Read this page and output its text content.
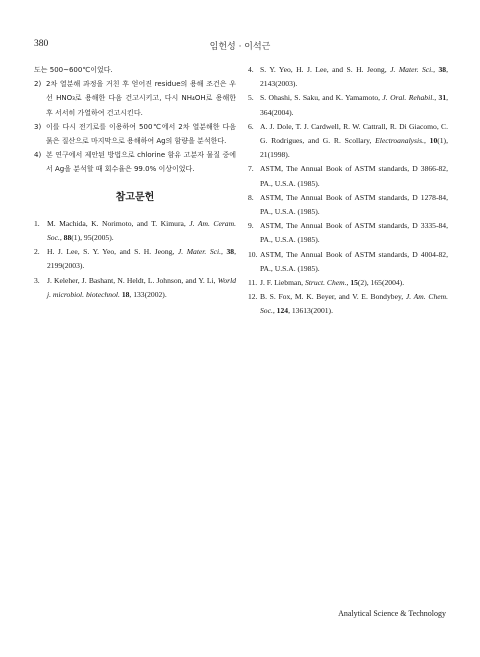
380	임헌성 · 이석근

도는 500~600℃이었다.

2) 2차 열분해 과정을 거친 후 얻어진 residue의 용해 조건은 우선 HNO₃로 용해한 다음 건고시키고, 다시 NH₄OH로 용해한 후 서서히 가열하여 건고시킨다.
3) 이를 다시 전기로를 이용하여 500℃에서 2차 열분해한 다음 묽은 질산으로 마지막으로 용해하여 Ag의 함량을 분석한다.
4) 본 연구에서 제안된 방법으로 chlorine 함유 고분자 물질 중에서 Ag을 분석할 때 회수율은 99.0% 이상이었다.
참고문헌
1. M. Machida, K. Norimoto, and T. Kimura, J. Am. Ceram. Soc., 88(1), 95(2005).
2. H. J. Lee, S. Y. Yeo, and S. H. Jeong, J. Mater. Sci., 38, 2199(2003).
3. J. Keleher, J. Bashant, N. Heldt, L. Johnson, and Y. Li, World j. microbiol. biotechnol. 18, 133(2002).
4. S. Y. Yeo, H. J. Lee, and S. H. Jeong, J. Mater. Sci., 38, 2143(2003).
5. S. Ohashi, S. Saku, and K. Yamamoto, J. Oral. Rehabil., 31, 364(2004).
6. A. J. Dole, T. J. Cardwell, R. W. Cattrall, R. Di Giacomo, C. G. Rodrigues, and G. R. Scollary, Electroanalysis., 10(1), 21(1998).
7. ASTM, The Annual Book of ASTM standards, D 3866-82, PA., U.S.A. (1985).
8. ASTM, The Annual Book of ASTM standards, D 1278-84, PA., U.S.A. (1985).
9. ASTM, The Annual Book of ASTM standards, D 3335-84, PA., U.S.A. (1985).
10. ASTM, The Annual Book of ASTM standards, D 4004-82, PA., U.S.A. (1985).
11. J. F. Liebman, Struct. Chem., 15(2), 165(2004).
12. B. S. Fox, M. K. Beyer, and V. E. Bondybey, J. Am. Chem. Soc., 124, 13613(2001).
Analytical Science & Technology
